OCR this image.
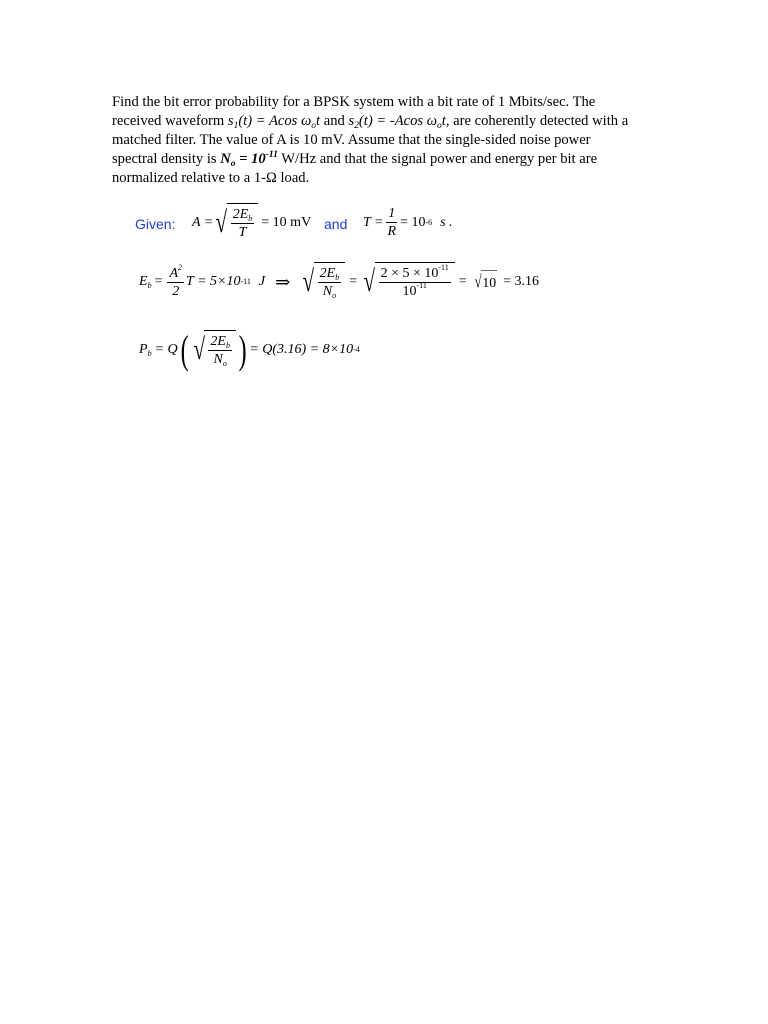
Find the bit error probability for a BPSK system with a bit rate of 1 Mbits/sec. The
received waveform $s_1(t) = Acos$ $\omega_ot$ and $s_2(t) = -Acos$ $\omega_ot$, are coherently detected with a
matched filter. The value of A is 10 mV. Assume that the single-sided noise power
spectral density is $N_o = 10^{-11}$ W/Hz and that the signal power and energy per bit are
normalized relative to a 1-Ω load.
Given: A = √ $\frac{2E_b}{T} = 10$ mV and $T = \frac{1}{R} = 10$ -6 s .
$E_b = \frac{A^2}{2}$ T = 5×10 -11 J ⇒ √ $\frac{2E_b}{N_o}$ = √ $\frac{2 \times 5 \times 10^{-11}}{10^{-11}}$ = √ 10 = 3.16
$P_b = Q$ ( √ $\frac{2E_b}{N_o}$ ) = Q(3.16) = 8×10 -4
